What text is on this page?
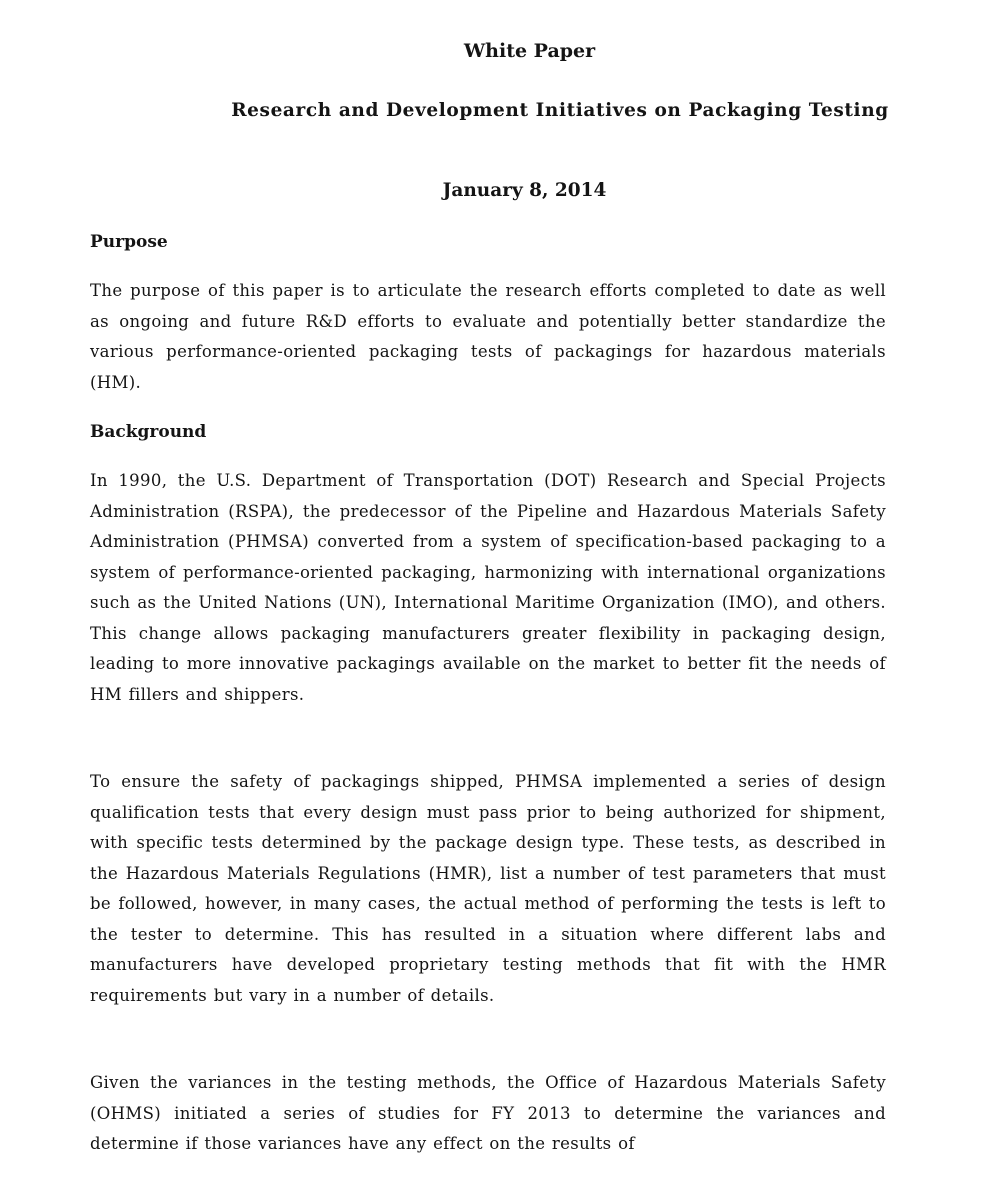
White Paper
Research and Development Initiatives on Packaging Testing
January 8, 2014
Purpose

The purpose of this paper is to articulate the research efforts completed to date as well as ongoing and future R&D efforts to evaluate and potentially better standardize the various performance-oriented packaging tests of packagings for hazardous materials (HM).

Background

In 1990, the U.S. Department of Transportation (DOT) Research and Special Projects Administration (RSPA), the predecessor of the Pipeline and Hazardous Materials Safety Administration (PHMSA) converted from a system of specification-based packaging to a system of performance-oriented packaging, harmonizing with international organizations such as the United Nations (UN), International Maritime Organization (IMO), and others. This change allows packaging manufacturers greater flexibility in packaging design, leading to more innovative packagings available on the market to better fit the needs of HM fillers and shippers.

To ensure the safety of packagings shipped, PHMSA implemented a series of design qualification tests that every design must pass prior to being authorized for shipment, with specific tests determined by the package design type. These tests, as described in the Hazardous Materials Regulations (HMR), list a number of test parameters that must be followed, however, in many cases, the actual method of performing the tests is left to the tester to determine. This has resulted in a situation where different labs and manufacturers have developed proprietary testing methods that fit with the HMR requirements but vary in a number of details.

Given the variances in the testing methods, the Office of Hazardous Materials Safety (OHMS) initiated a series of studies for FY 2013 to determine the variances and determine if those variances have any effect on the results of
